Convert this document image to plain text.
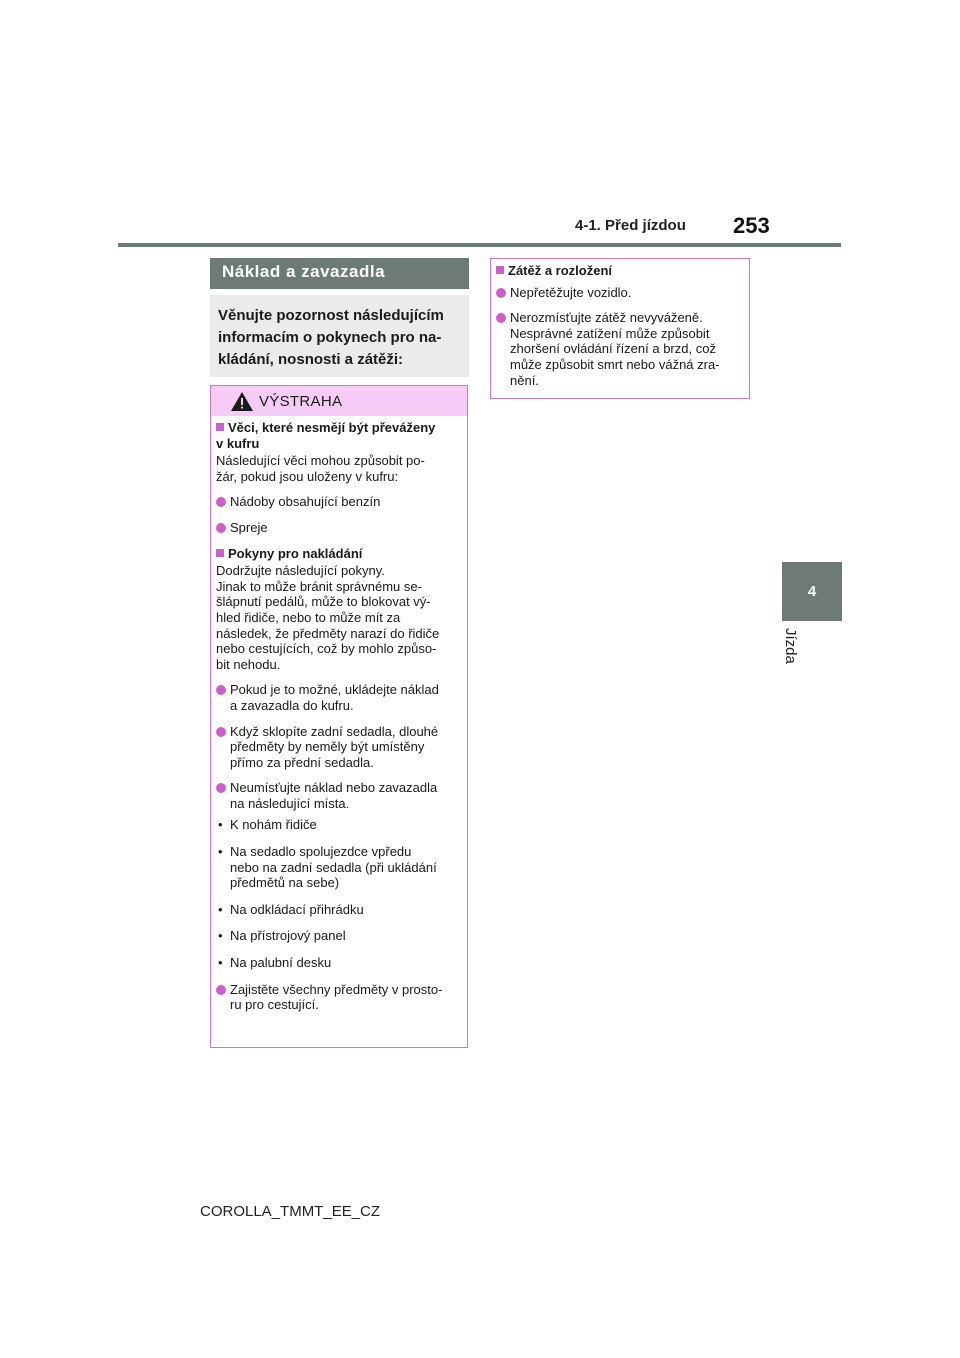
4-1. Před jízdou 253
4
Jízda
Náklad a zavazadla
Věnujte pozornost následujícím
informacím o pokynech pro na-
kládání, nosnosti a zátěži:
VÝSTRAHA
Věci, které nesmějí být převáženy
v kufru
Následující věci mohou způsobit po-
žár, pokud jsou uloženy v kufru:
Nádoby obsahující benzín
Spreje
Pokyny pro nakládání
Dodržujte následující pokyny.
Jinak to může bránit správnému se-
šlápnutí pedálů, může to blokovat vý-
hled řidiče, nebo to může mít za
následek, že předměty narazí do řidiče
nebo cestujících, což by mohlo způso-
bit nehodu.
Pokud je to možné, ukládejte náklad
a zavazadla do kufru.
Když sklopíte zadní sedadla, dlouhé
předměty by neměly být umístěny
přímo za přední sedadla.
Neumísťujte náklad nebo zavazadla
na následující místa.
• K nohám řidiče
• Na sedadlo spolujezdce vpředu
nebo na zadní sedadla (při ukládání
předmětů na sebe)
• Na odkládací přihrádku
• Na přístrojový panel
• Na palubní desku
Zajistěte všechny předměty v prosto-
ru pro cestující.
Zátěž a rozložení
Nepřetěžujte vozidlo.
Nerozmísťujte zátěž nevyváženě.
Nesprávné zatížení může způsobit
zhoršení ovládání řízení a brzd, což
může způsobit smrt nebo vážná zra-
nění.
COROLLA_TMMT_EE_CZ
